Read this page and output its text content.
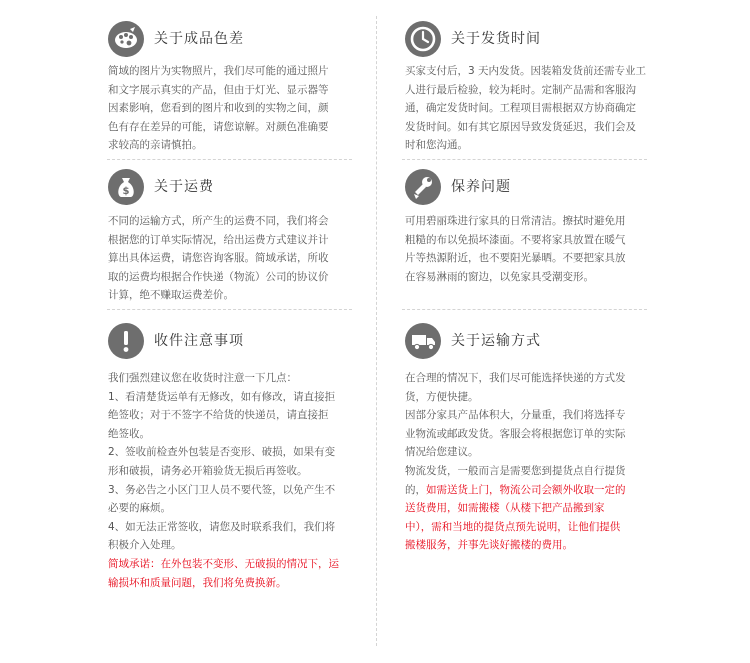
关于成品色差

简域的图片为实物照片，我们尽可能的通过照片

和文字展示真实的产品，但由于灯光、显示器等

因素影响，您看到的图片和收到的实物之间，颜

色有存在差异的可能，请您谅解。对颜色准确要

求较高的亲请慎拍。

关于发货时间

买家支付后，3 天内发货。因装箱发货前还需专业工

人进行最后检验，较为耗时。定制产品需和客服沟

通，确定发货时间。工程项目需根据双方协商确定

发货时间。如有其它原因导致发货延迟，我们会及

时和您沟通。

$ 关于运费

不同的运输方式，所产生的运费不同，我们将会

根据您的订单实际情况，给出运费方式建议并计

算出具体运费，请您咨询客服。简域承诺，所收

取的运费均根据合作快递（物流）公司的协议价

计算，绝不赚取运费差价。

保养问题

可用碧丽珠进行家具的日常清洁。擦拭时避免用

粗糙的布以免损坏漆面。不要将家具放置在暖气

片等热源附近，也不要阳光暴晒。不要把家具放

在容易淋雨的窗边，以免家具受潮变形。

收件注意事项

我们强烈建议您在收货时注意一下几点：

1、看清楚货运单有无修改，如有修改，请直接拒

绝签收；对于不签字不给货的快递员，请直接拒

绝签收。

2、签收前检查外包装是否变形、破损，如果有变

形和破损，请务必开箱验货无损后再签收。

3、务必告之小区门卫人员不要代签，以免产生不

必要的麻烦。

4、如无法正常签收，请您及时联系我们，我们将

积极介入处理。

简域承诺：在外包装不变形、无破损的情况下，运

输损坏和质量问题，我们将免费换新。

关于运输方式

在合理的情况下，我们尽可能选择快递的方式发

货，方便快捷。

因部分家具产品体积大，分量重，我们将选择专

业物流或邮政发货。客服会将根据您订单的实际

情况给您建议。

物流发货，一般而言是需要您到提货点自行提货

的，如需送货上门，物流公司会额外收取一定的

送货费用，如需搬楼（从楼下把产品搬到家

中），需和当地的提货点预先说明，让他们提供

搬楼服务，并事先谈好搬楼的费用。
